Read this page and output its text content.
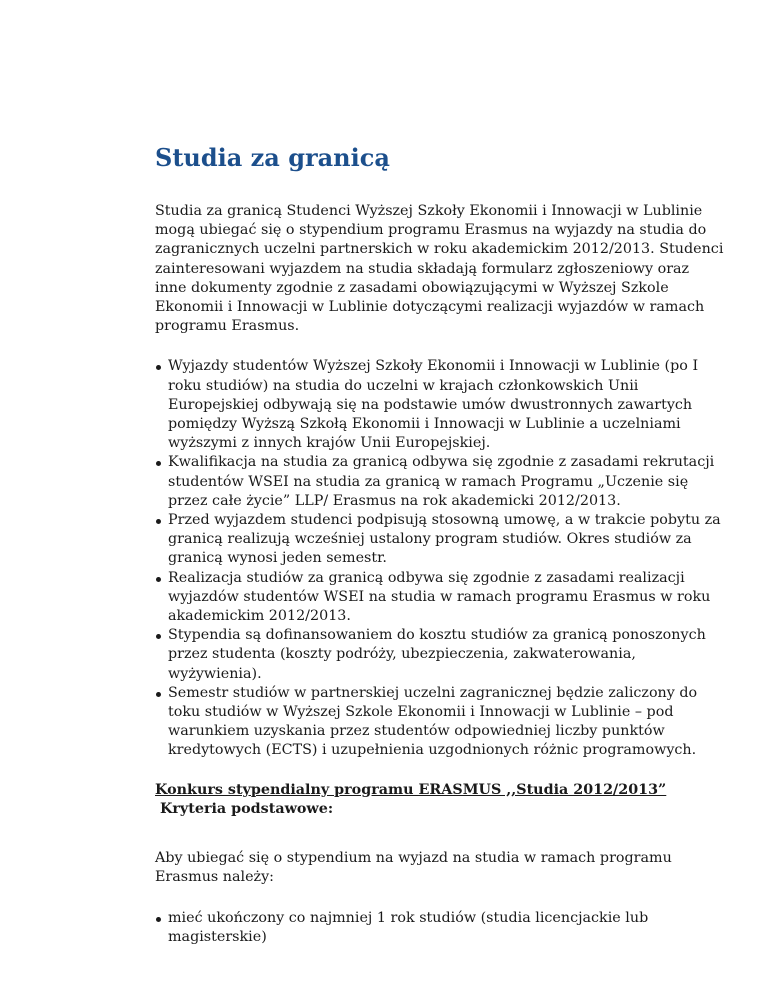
Studia za granicą

Studia za granicą Studenci Wyższej Szkoły Ekonomii i Innowacji w Lublinie mogą ubiegać się o stypendium programu Erasmus na wyjazdy na studia do zagranicznych uczelni partnerskich w roku akademickim 2012/2013. Studenci zainteresowani wyjazdem na studia składają formularz zgłoszeniowy oraz inne dokumenty zgodnie z zasadami obowiązującymi w Wyższej Szkole Ekonomii i Innowacji w Lublinie dotyczącymi realizacji wyjazdów w ramach programu Erasmus.

Wyjazdy studentów Wyższej Szkoły Ekonomii i Innowacji w Lublinie (po I roku studiów) na studia do uczelni w krajach członkowskich Unii Europejskiej odbywają się na podstawie umów dwustronnych zawartych pomiędzy Wyższą Szkołą Ekonomii i Innowacji w Lublinie a uczelniami wyższymi z innych krajów Unii Europejskiej.
Kwalifikacja na studia za granicą odbywa się zgodnie z zasadami rekrutacji studentów WSEI na studia za granicą w ramach Programu „Uczenie się przez całe życie” LLP/ Erasmus na rok akademicki 2012/2013.
Przed wyjazdem studenci podpisują stosowną umowę, a w trakcie pobytu za granicą realizują wcześniej ustalony program studiów. Okres studiów za granicą wynosi jeden semestr.
Realizacja studiów za granicą odbywa się zgodnie z zasadami realizacji wyjazdów studentów WSEI na studia w ramach programu Erasmus w roku akademickim 2012/2013.
Stypendia są dofinansowaniem do kosztu studiów za granicą ponoszonych przez studenta (koszty podróży, ubezpieczenia, zakwaterowania, wyżywienia).
Semestr studiów w partnerskiej uczelni zagranicznej będzie zaliczony do toku studiów w Wyższej Szkole Ekonomii i Innowacji w Lublinie – pod warunkiem uzyskania przez studentów odpowiedniej liczby punktów kredytowych (ECTS) i uzupełnienia uzgodnionych różnic programowych.
Konkurs stypendialny programu ERASMUS ,,Studia 2012/2013”
Kryteria podstawowe:

Aby ubiegać się o stypendium na wyjazd na studia w ramach programu Erasmus należy:

mieć ukończony co najmniej 1 rok studiów (studia licencjackie lub magisterskie)
